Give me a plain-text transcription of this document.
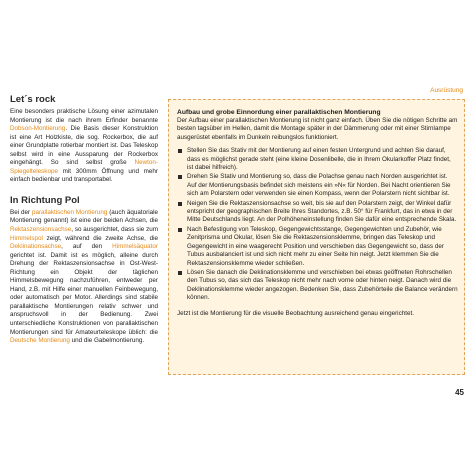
Ausrüstung
Let´s rock

Eine besonders praktische Lösung einer azimutalen Montierung ist die nach ihrem Erfinder benannte Dobson-Montierung. Die Basis dieser Konstruktion ist eine Art Holzkiste, die sog. Rockerbox, die auf einer Grundplatte rotierbar montiert ist. Das Teleskop selbst wird in eine Aussparung der Rockerbox eingehängt. So sind selbst große Newton-Spiegelteleskope mit 300mm Öffnung und mehr einfach bedienbar und transportabel.

In Richtung Pol

Bei der parallaktischen Montierung (auch äquatoriale Montierung genannt) ist eine der beiden Achsen, die Rektaszensionsachse, so ausgerichtet, dass sie zum Himmelspol zeigt, während die zweite Achse, die Deklinationsachse, auf den Himmelsäquator gerichtet ist. Damit ist es möglich, alleine durch Drehung der Rektaszensionsachse in Ost-West-Richtung ein Objekt der täglichen Himmelsbewegung nachzuführen, entweder per Hand, z.B. mit Hilfe einer manuellen Feinbewegung, oder automatisch per Motor. Allerdings sind stabile parallaktische Montierungen relativ schwer und anspruchsvoll in der Bedienung. Zwei unterschiedliche Konstruktionen von parallaktischen Montierungen sind für Amateurteleskope üblich: die Deutsche Montierung und die Gabelmontierung.

Aufbau und grobe Einnordung einer parallaktischen Montierung

Der Aufbau einer parallaktischen Montierung ist nicht ganz einfach. Üben Sie die nötigen Schritte am besten tagsüber im Hellen, damit die Montage später in der Dämmerung oder mit einer Stirnlampe ausgerüstet ebenfalls im Dunkeln reibungslos funktioniert.

Stellen Sie das Stativ mit der Montierung auf einen festen Untergrund und achten Sie darauf, dass es möglichst gerade steht (eine kleine Dosenlibelle, die in Ihrem Okularkoffer Platz findet, ist dabei hilfreich).
Drehen Sie Stativ und Montierung so, dass die Polachse genau nach Norden ausgerichtet ist. Auf der Montierungsbasis befindet sich meistens ein »N« für Norden. Bei Nacht orientieren Sie sich am Polarstern oder verwenden sie einen Kompass, wenn der Polarstern nicht sichtbar ist.
Neigen Sie die Rektaszensionsachse so weit, bis sie auf den Polarstern zeigt, der Winkel dafür entspricht der geographischen Breite Ihres Standortes, z.B. 50° für Frankfurt, das in etwa in der Mitte Deutschlands liegt. An der Polhöheneinstellung finden Sie dafür eine entsprechende Skala.
Nach Befestigung von Teleskop, Gegengewichtsstange, Gegengewichten und Zubehör, wie Zenitprisma und Okular, lösen Sie die Rektaszensionsklemme, bringen das Teleskop und Gegengewicht in eine waagerecht Position und verschieben das Gegengewicht so, dass der Tubus ausbalanciert ist und sich nicht mehr zu einer Seite hin neigt. Jetzt klemmen Sie die Rektaszensionsklemme wieder schließen.
Lösen Sie danach die Deklinationsklemme und verschieben bei etwas geöffneten Rohrschellen den Tubus so, das sich das Teleskop nicht mehr nach vorne oder hinten neigt. Danach wird die Deklinationsklemme wieder angezogen. Bedenken Sie, dass Zubehörteile die Balance verändern können.

Jetzt ist die Montierung für die visuelle Beobachtung ausreichend genau eingerichtet.

45
